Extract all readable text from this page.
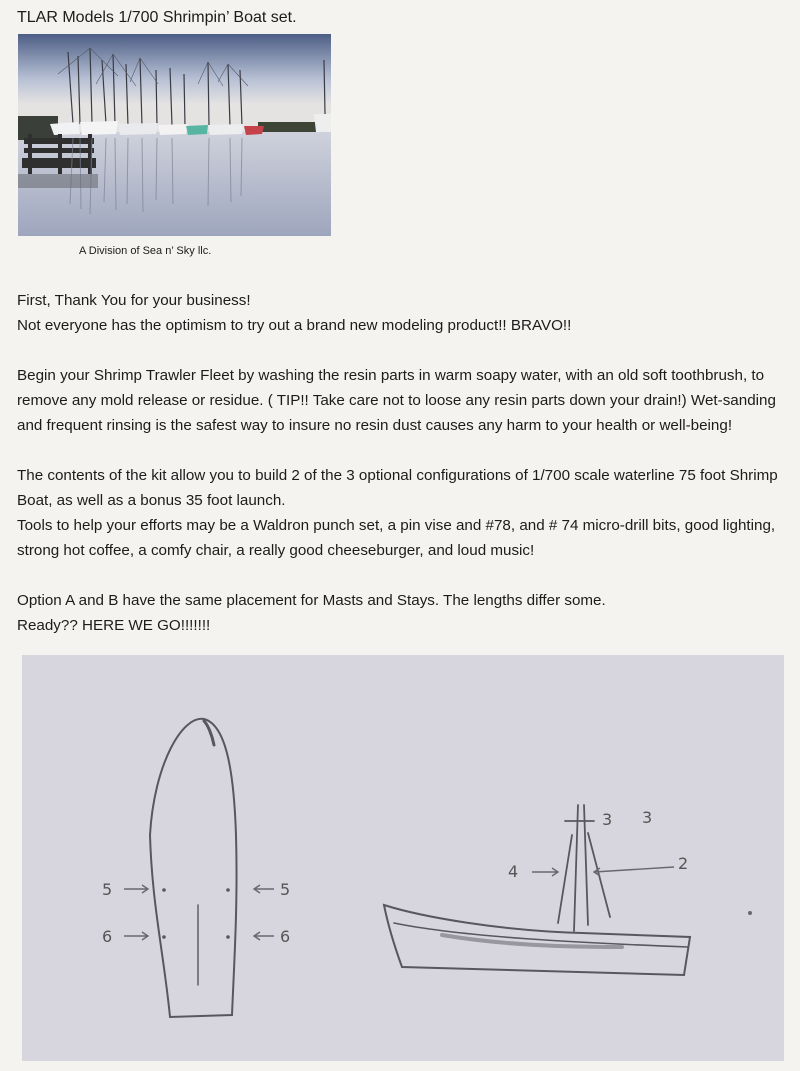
TLAR Models 1/700 Shrimpin’ Boat set.
A Division of Sea n’ Sky llc.

First, Thank You for your business!

Not everyone has the optimism to try out a brand new modeling product!! BRAVO!!

Begin your Shrimp Trawler Fleet by washing the resin parts in warm soapy water, with an old soft toothbrush, to remove any mold release or residue. ( TIP!! Take care not to loose any resin parts down your drain!) Wet-sanding and frequent rinsing is the safest way to insure no resin dust causes any harm to your health or well-being!

The contents of the kit allow you to build 2 of the 3 optional configurations of 1/700 scale waterline 75 foot Shrimp Boat, as well as a bonus 35 foot launch.

Tools to help your efforts may be a Waldron punch set, a pin vise and #78, and # 74 micro-drill bits, good lighting, strong hot coffee, a comfy chair, a really good cheeseburger, and loud music!

Option A and B have the same placement for Masts and Stays. The lengths differ some.

Ready?? HERE WE GO!!!!!!!

5	5
6	6
3 3
2
4
